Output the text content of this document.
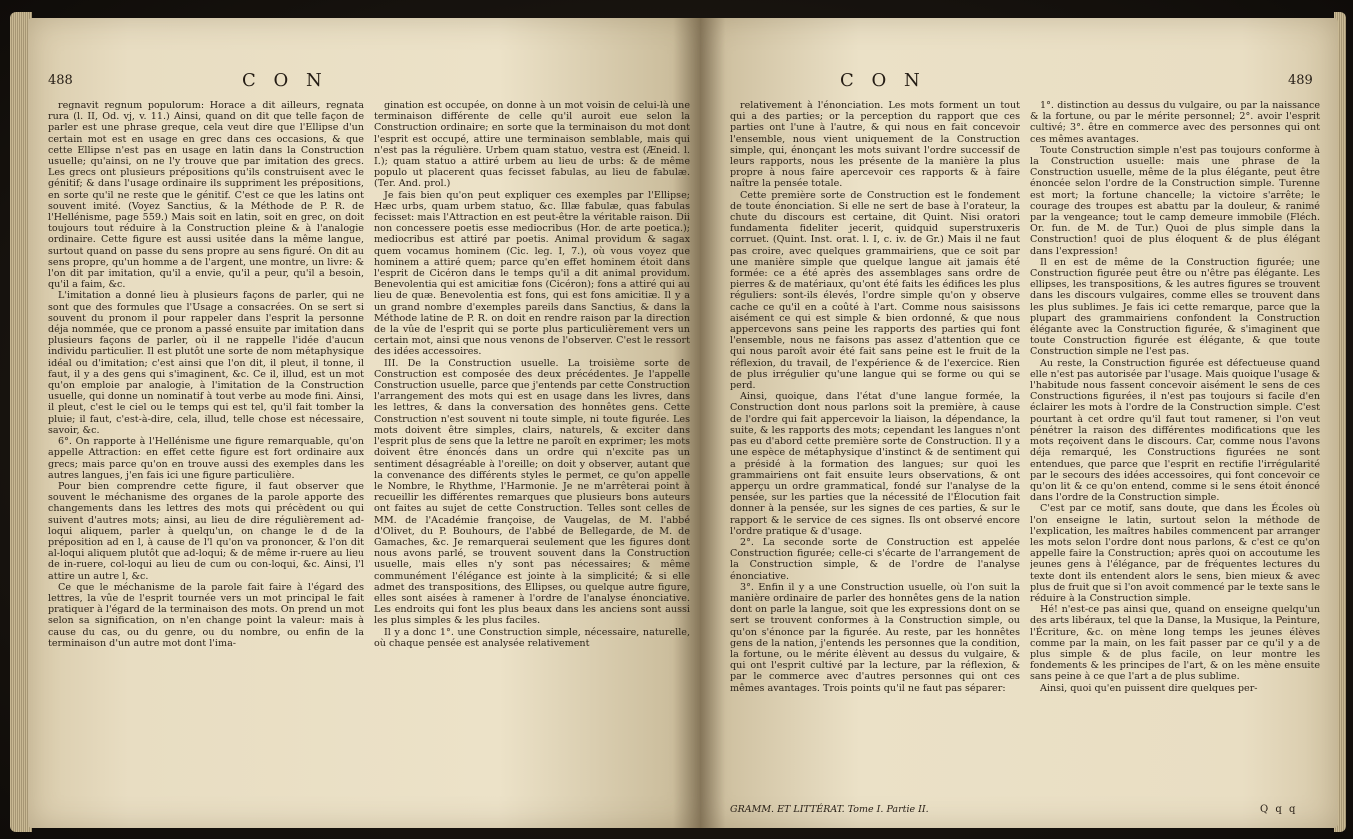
488	C O N

regnavit regnum populorum: Horace a dit ailleurs, regnata rura (l. II, Od. vj, v. 11.) Ainsi, quand on dit que telle façon de parler est une phrase greque, cela veut dire que l'Ellipse d'un certain mot est en usage en grec dans ces occasions, & que cette Ellipse n'est pas en usage en latin dans la Construction usuelle; qu'ainsi, on ne l'y trouve que par imitation des grecs. Les grecs ont plusieurs prépositions qu'ils construisent avec le génitif; & dans l'usage ordinaire ils suppriment les prépositions, en sorte qu'il ne reste que le génitif. C'est ce que les latins ont souvent imité. (Voyez Sanctius, & la Méthode de P. R. de l'Hellénisme, page 559.) Mais soit en latin, soit en grec, on doit toujours tout réduire à la Construction pleine & à l'analogie ordinaire. Cette figure est aussi usitée dans la même langue, surtout quand on passe du sens propre au sens figuré. On dit au sens propre, qu'un homme a de l'argent, une montre, un livre: & l'on dit par imitation, qu'il a envie, qu'il a peur, qu'il a besoin, qu'il a faim, &c.

L'imitation a donné lieu à plusieurs façons de parler, qui ne sont que des formules que l'Usage a consacrées. On se sert si souvent du pronom il pour rappeler dans l'esprit la personne déja nommée, que ce pronom a passé ensuite par imitation dans plusieurs façons de parler, où il ne rappelle l'idée d'aucun individu particulier. Il est plutôt une sorte de nom métaphysique idéal ou d'imitation; c'est ainsi que l'on dit, il pleut, il tonne, il faut, il y a des gens qui s'imaginent, &c. Ce il, illud, est un mot qu'on emploie par analogie, à l'imitation de la Construction usuelle, qui donne un nominatif à tout verbe au mode fini. Ainsi, il pleut, c'est le ciel ou le temps qui est tel, qu'il fait tomber la pluie; il faut, c'est-à-dire, cela, illud, telle chose est nécessaire, savoir, &c.

6°. On rapporte à l'Hellénisme une figure remarquable, qu'on appelle Attraction: en effet cette figure est fort ordinaire aux grecs; mais parce qu'on en trouve aussi des exemples dans les autres langues, j'en fais ici une figure particulière.

Pour bien comprendre cette figure, il faut observer que souvent le méchanisme des organes de la parole apporte des changements dans les lettres des mots qui précèdent ou qui suivent d'autres mots; ainsi, au lieu de dire régulièrement ad-loqui aliquem, parler à quelqu'un, on change le d de la préposition ad en l, à cause de l'l qu'on va prononcer, & l'on dit al-loqui aliquem plutôt que ad-loqui; & de même ir-ruere au lieu de in-ruere, col-loqui au lieu de cum ou con-loqui, &c. Ainsi, l'l attire un autre l, &c.

Ce que le méchanisme de la parole fait faire à l'égard des lettres, la vûe de l'esprit tournée vers un mot principal le fait pratiquer à l'égard de la terminaison des mots. On prend un mot selon sa signification, on n'en change point la valeur: mais à cause du cas, ou du genre, ou du nombre, ou enfin de la terminaison d'un autre mot dont l'ima-

gination est occupée, on donne à un mot voisin de celui-là une terminaison différente de celle qu'il auroit eue selon la Construction ordinaire; en sorte que la terminaison du mot dont l'esprit est occupé, attire une terminaison semblable, mais qui n'est pas la régulière. Urbem quam statuo, vestra est (Æneid. l. I.); quam statuo a attiré urbem au lieu de urbs: & de même populo ut placerent quas fecisset fabulas, au lieu de fabulæ. (Ter. And. prol.)

Je fais bien qu'on peut expliquer ces exemples par l'Ellipse; Hæc urbs, quam urbem statuo, &c. Illæ fabulæ, quas fabulas fecisset: mais l'Attraction en est peut-être la véritable raison. Dii non concessere poetis esse mediocribus (Hor. de arte poetica.); mediocribus est attiré par poetis. Animal providum & sagax quem vocamus hominem (Cic. leg. I, 7.), où vous voyez que hominem a attiré quem; parce qu'en effet hominem étoit dans l'esprit de Cicéron dans le temps qu'il a dit animal providum. Benevolentia qui est amicitiæ fons (Cicéron); fons a attiré qui au lieu de quæ. Benevolentia est fons, qui est fons amicitiæ. Il y a un grand nombre d'exemples pareils dans Sanctius, & dans la Méthode latine de P. R. on doit en rendre raison par la direction de la vûe de l'esprit qui se porte plus particulièrement vers un certain mot, ainsi que nous venons de l'observer. C'est le ressort des idées accessoires.

III. De la Construction usuelle. La troisième sorte de Construction est composée des deux précédentes. Je l'appelle Construction usuelle, parce que j'entends par cette Construction l'arrangement des mots qui est en usage dans les livres, dans les lettres, & dans la conversation des honnêtes gens. Cette Construction n'est souvent ni toute simple, ni toute figurée. Les mots doivent être simples, clairs, naturels, & exciter dans l'esprit plus de sens que la lettre ne paroît en exprimer; les mots doivent être énoncés dans un ordre qui n'excite pas un sentiment désagréable à l'oreille; on doit y observer, autant que la convenance des différents styles le permet, ce qu'on appelle le Nombre, le Rhythme, l'Harmonie. Je ne m'arrêterai point à recueillir les différentes remarques que plusieurs bons auteurs ont faites au sujet de cette Construction. Telles sont celles de MM. de l'Académie françoise, de Vaugelas, de M. l'abbé d'Olivet, du P. Bouhours, de l'abbé de Bellegarde, de M. de Gamaches, &c. Je remarquerai seulement que les figures dont nous avons parlé, se trouvent souvent dans la Construction usuelle, mais elles n'y sont pas nécessaires; & même communément l'élégance est jointe à la simplicité; & si elle admet des transpositions, des Ellipses, ou quelque autre figure, elles sont aisées à ramener à l'ordre de l'analyse énonciative. Les endroits qui font les plus beaux dans les anciens sont aussi les plus simples & les plus faciles.

Il y a donc 1°. une Construction simple, nécessaire, naturelle, où chaque pensée est analysée relativement

C O N	489

relativement à l'énonciation. Les mots forment un tout qui a des parties; or la perception du rapport que ces parties ont l'une à l'autre, & qui nous en fait concevoir l'ensemble, nous vient uniquement de la Construction simple, qui, énonçant les mots suivant l'ordre successif de leurs rapports, nous les présente de la manière la plus propre à nous faire apercevoir ces rapports & à faire naître la pensée totale.

Cette première sorte de Construction est le fondement de toute énonciation. Si elle ne sert de base à l'orateur, la chute du discours est certaine, dit Quint. Nisi oratori fundamenta fideliter jecerit, quidquid superstruxeris corruet. (Quint. Inst. orat. l. I, c. iv. de Gr.) Mais il ne faut pas croire, avec quelques grammairiens, que ce soit par une manière simple que quelque langue ait jamais été formée: ce a été après des assemblages sans ordre de pierres & de matériaux, qu'ont été faits les édifices les plus réguliers: sont-ils élevés, l'ordre simple qu'on y observe cache ce qu'il en a coûté à l'art. Comme nous saisissons aisément ce qui est simple & bien ordonné, & que nous appercevons sans peine les rapports des parties qui font l'ensemble, nous ne faisons pas assez d'attention que ce qui nous paroît avoir été fait sans peine est le fruit de la réflexion, du travail, de l'expérience & de l'exercice. Rien de plus irrégulier qu'une langue qui se forme ou qui se perd.

Ainsi, quoique, dans l'état d'une langue formée, la Construction dont nous parlons soit la première, à cause de l'ordre qui fait appercevoir la liaison, la dépendance, la suite, & les rapports des mots; cependant les langues n'ont pas eu d'abord cette première sorte de Construction. Il y a une espèce de métaphysique d'instinct & de sentiment qui a présidé à la formation des langues; sur quoi les grammairiens ont fait ensuite leurs observations, & ont apperçu un ordre grammatical, fondé sur l'analyse de la pensée, sur les parties que la nécessité de l'Élocution fait donner à la pensée, sur les signes de ces parties, & sur le rapport & le service de ces signes. Ils ont observé encore l'ordre pratique & d'usage.

2°. La seconde sorte de Construction est appelée Construction figurée; celle-ci s'écarte de l'arrangement de la Construction simple, & de l'ordre de l'analyse énonciative.

3°. Enfin il y a une Construction usuelle, où l'on suit la manière ordinaire de parler des honnêtes gens de la nation dont on parle la langue, soit que les expressions dont on se sert se trouvent conformes à la Construction simple, ou qu'on s'énonce par la figurée. Au reste, par les honnêtes gens de la nation, j'entends les personnes que la condition, la fortune, ou le mérite élèvent au dessus du vulgaire, & qui ont l'esprit cultivé par la lecture, par la réflexion, & par le commerce avec d'autres personnes qui ont ces mêmes avantages. Trois points qu'il ne faut pas séparer:

1°. distinction au dessus du vulgaire, ou par la naissance & la fortune, ou par le mérite personnel; 2°. avoir l'esprit cultivé; 3°. être en commerce avec des personnes qui ont ces mêmes avantages.

Toute Construction simple n'est pas toujours conforme à la Construction usuelle: mais une phrase de la Construction usuelle, même de la plus élégante, peut être énoncée selon l'ordre de la Construction simple. Turenne est mort; la fortune chancelle; la victoire s'arrête; le courage des troupes est abattu par la douleur, & ranimé par la vengeance; tout le camp demeure immobile (Fléch. Or. fun. de M. de Tur.) Quoi de plus simple dans la Construction! quoi de plus éloquent & de plus élégant dans l'expression!

Il en est de même de la Construction figurée; une Construction figurée peut être ou n'être pas élégante. Les ellipses, les transpositions, & les autres figures se trouvent dans les discours vulgaires, comme elles se trouvent dans les plus sublimes. Je fais ici cette remarque, parce que la plupart des grammairiens confondent la Construction élégante avec la Construction figurée, & s'imaginent que toute Construction figurée est élégante, & que toute Construction simple ne l'est pas.

Au reste, la Construction figurée est défectueuse quand elle n'est pas autorisée par l'usage. Mais quoique l'usage & l'habitude nous fassent concevoir aisément le sens de ces Constructions figurées, il n'est pas toujours si facile d'en éclairer les mots à l'ordre de la Construction simple. C'est pourtant à cet ordre qu'il faut tout ramener, si l'on veut pénétrer la raison des différentes modifications que les mots reçoivent dans le discours. Car, comme nous l'avons déja remarqué, les Constructions figurées ne sont entendues, que parce que l'esprit en rectifie l'irrégularité par le secours des idées accessoires, qui font concevoir ce qu'on lit & ce qu'on entend, comme si le sens étoit énoncé dans l'ordre de la Construction simple.

C'est par ce motif, sans doute, que dans les Écoles où l'on enseigne le latin, surtout selon la méthode de l'explication, les maîtres habiles commencent par arranger les mots selon l'ordre dont nous parlons, & c'est ce qu'on appelle faire la Construction; après quoi on accoutume les jeunes gens à l'élégance, par de fréquentes lectures du texte dont ils entendent alors le sens, bien mieux & avec plus de fruit que si l'on avoit commencé par le texte sans le réduire à la Construction simple.

Hé! n'est-ce pas ainsi que, quand on enseigne quelqu'un des arts libéraux, tel que la Danse, la Musique, la Peinture, l'Écriture, &c. on mène long temps les jeunes élèves comme par la main, on les fait passer par ce qu'il y a de plus simple & de plus facile, on leur montre les fondements & les principes de l'art, & on les mène ensuite sans peine à ce que l'art a de plus sublime.

Ainsi, quoi qu'en puissent dire quelques per-

GRAMM. ET LITTÉRAT. Tome I. Partie II.	Q q q
